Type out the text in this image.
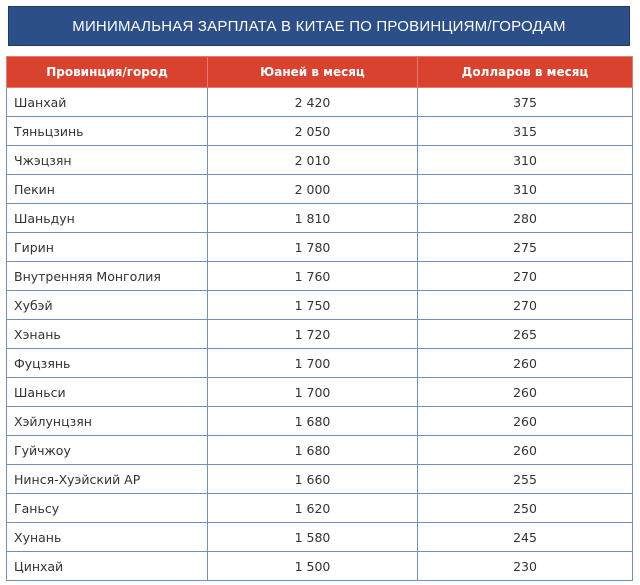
МИНИМАЛЬНАЯ ЗАРПЛАТА В КИТАЕ ПО ПРОВИНЦИЯМ/ГОРОДАМ
Провинция/город	Юаней в месяц	Долларов в месяц
Шанхай	2 420	375
Тяньцзинь	2 050	315
Чжэцзян	2 010	310
Пекин	2 000	310
Шаньдун	1 810	280
Гирин	1 780	275
Внутренняя Монголия	1 760	270
Хубэй	1 750	270
Хэнань	1 720	265
Фуцзянь	1 700	260
Шаньси	1 700	260
Хэйлунцзян	1 680	260
Гуйчжоу	1 680	260
Нинся-Хуэйский АР	1 660	255
Ганьсу	1 620	250
Хунань	1 580	245
Цинхай	1 500	230
